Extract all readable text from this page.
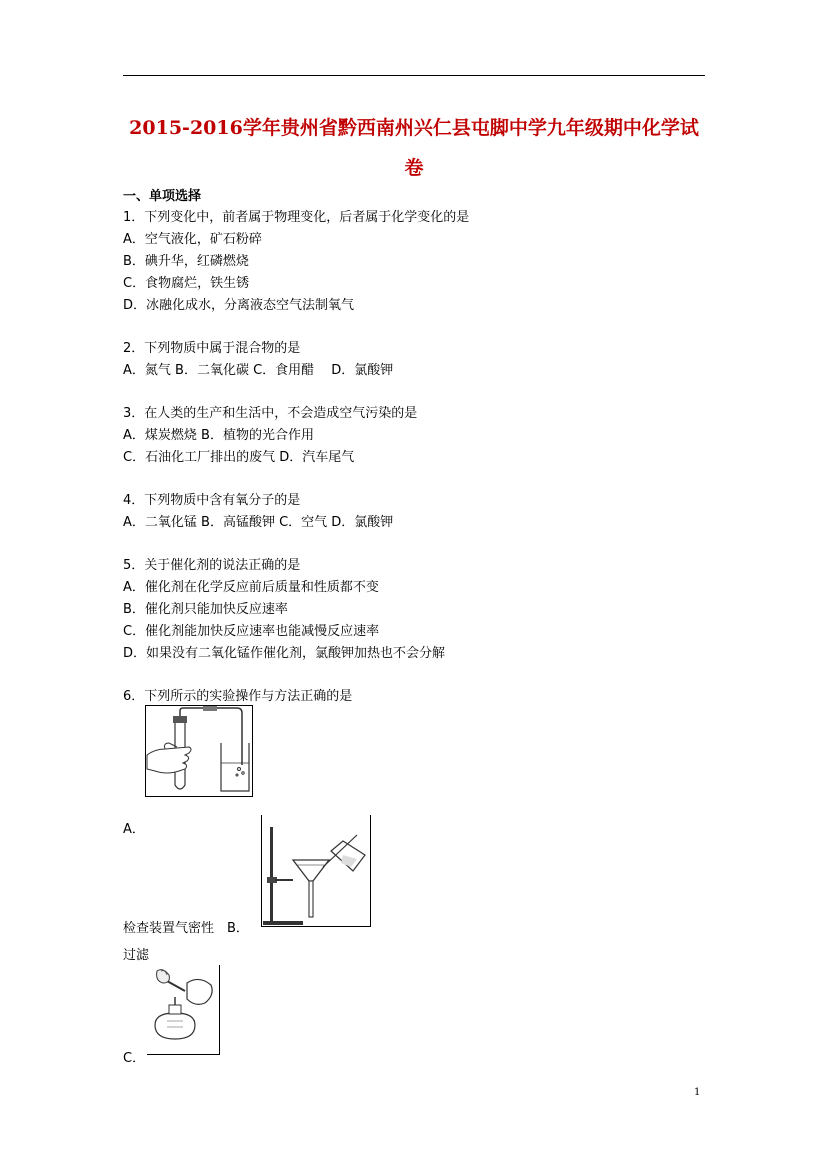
2015-2016学年贵州省黔西南州兴仁县屯脚中学九年级期中化学试
卷
一、单项选择
1．下列变化中，前者属于物理变化，后者属于化学变化的是
A．空气液化，矿石粉碎
B．碘升华，红磷燃烧
C．食物腐烂，铁生锈
D．冰融化成水，分离液态空气法制氧气
2．下列物质中属于混合物的是
A．氮气 B．二氧化碳 C．食用醋　 D．氯酸钾
3．在人类的生产和生活中，不会造成空气污染的是
A．煤炭燃烧 B．植物的光合作用
C．石油化工厂排出的废气 D．汽车尾气
4．下列物质中含有氧分子的是
A．二氧化锰 B．高锰酸钾 C．空气 D．氯酸钾
5．关于催化剂的说法正确的是
A．催化剂在化学反应前后质量和性质都不变
B．催化剂只能加快反应速率
C．催化剂能加快反应速率也能减慢反应速率
D．如果没有二氧化锰作催化剂，氯酸钾加热也不会分解
6．下列所示的实验操作与方法正确的是
A．
检查装置气密性　B．
过滤
C．
1
